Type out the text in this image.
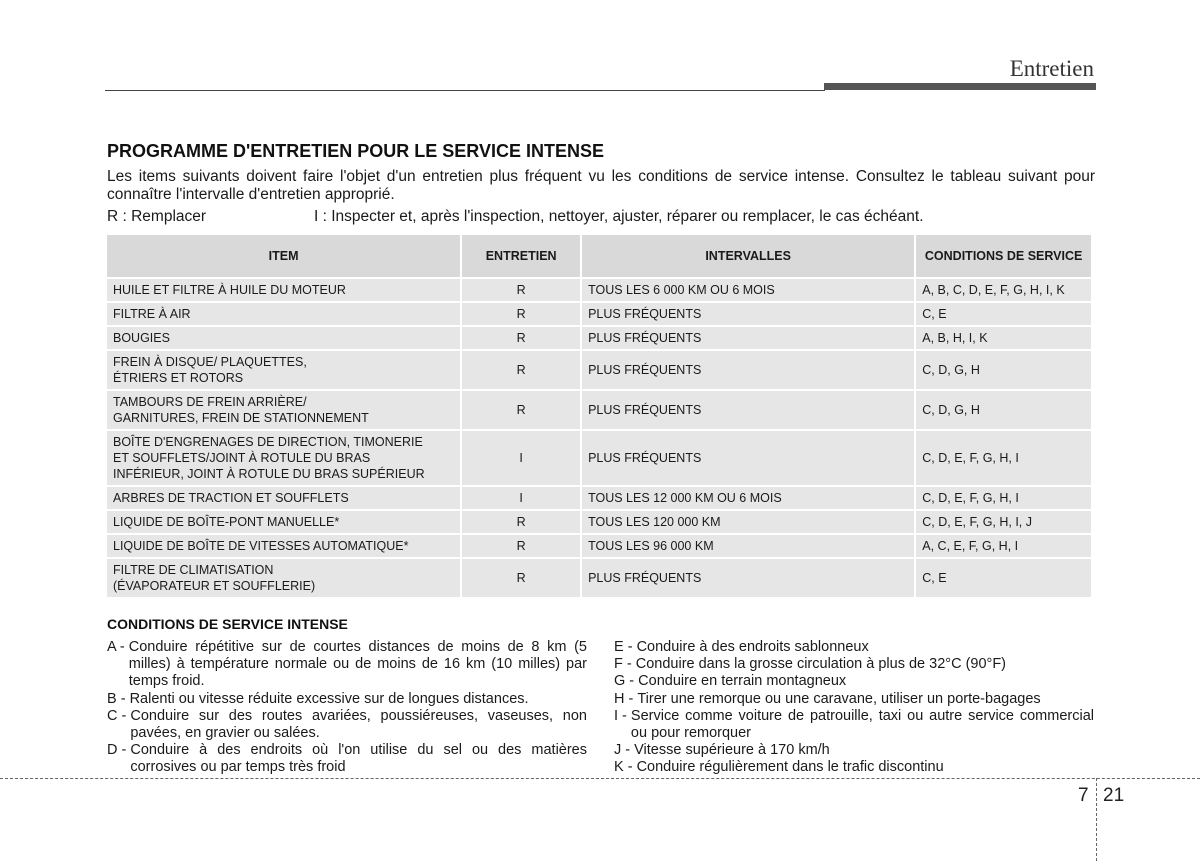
Entretien
PROGRAMME D'ENTRETIEN POUR LE SERVICE INTENSE
Les items suivants doivent faire l'objet d'un entretien plus fréquent vu les conditions de service intense. Consultez le tableau suivant pour connaître l'intervalle d'entretien approprié.
R : Remplacer	I : Inspecter et, après l'inspection, nettoyer, ajuster, réparer ou remplacer, le cas échéant.
ITEM	ENTRETIEN	INTERVALLES	CONDITIONS DE SERVICE
HUILE ET FILTRE À HUILE DU MOTEUR	R	TOUS LES 6 000 KM OU 6 MOIS	A, B, C, D, E, F, G, H, I, K
FILTRE À AIR	R	PLUS FRÉQUENTS	C, E
BOUGIES	R	PLUS FRÉQUENTS	A, B, H, I, K
FREIN À DISQUE/ PLAQUETTES,
ÉTRIERS ET ROTORS	R	PLUS FRÉQUENTS	C, D, G, H
TAMBOURS DE FREIN ARRIÈRE/
GARNITURES, FREIN DE STATIONNEMENT	R	PLUS FRÉQUENTS	C, D, G, H
BOÎTE D'ENGRENAGES DE DIRECTION, TIMONERIE
ET SOUFFLETS/JOINT À ROTULE DU BRAS
INFÉRIEUR, JOINT À ROTULE DU BRAS SUPÉRIEUR	I	PLUS FRÉQUENTS	C, D, E, F, G, H, I
ARBRES DE TRACTION ET SOUFFLETS	I	TOUS LES 12 000 KM OU 6 MOIS	C, D, E, F, G, H, I
LIQUIDE DE BOÎTE-PONT MANUELLE*	R	TOUS LES 120 000 KM	C, D, E, F, G, H, I, J
LIQUIDE DE BOÎTE DE VITESSES AUTOMATIQUE*	R	TOUS LES 96 000 KM	A, C, E, F, G, H, I
FILTRE DE CLIMATISATION
(ÉVAPORATEUR ET SOUFFLERIE)	R	PLUS FRÉQUENTS	C, E
CONDITIONS DE SERVICE INTENSE
A - Conduire répétitive sur de courtes distances de moins de 8 km (5 milles) à température normale ou de moins de 16 km (10 milles) par temps froid.
B - Ralenti ou vitesse réduite excessive sur de longues distances.
C - Conduire sur des routes avariées, poussiéreuses, vaseuses, non pavées, en gravier ou salées.
D - Conduire à des endroits où l'on utilise du sel ou des matières corrosives ou par temps très froid
E - Conduire à des endroits sablonneux
F - Conduire dans la grosse circulation à plus de 32°C (90°F)
G - Conduire en terrain montagneux
H - Tirer une remorque ou une caravane, utiliser un porte-bagages
I - Service comme voiture de patrouille, taxi ou autre service commercial ou pour remorquer
J - Vitesse supérieure à 170 km/h
K - Conduire régulièrement dans le trafic discontinu
7 21
